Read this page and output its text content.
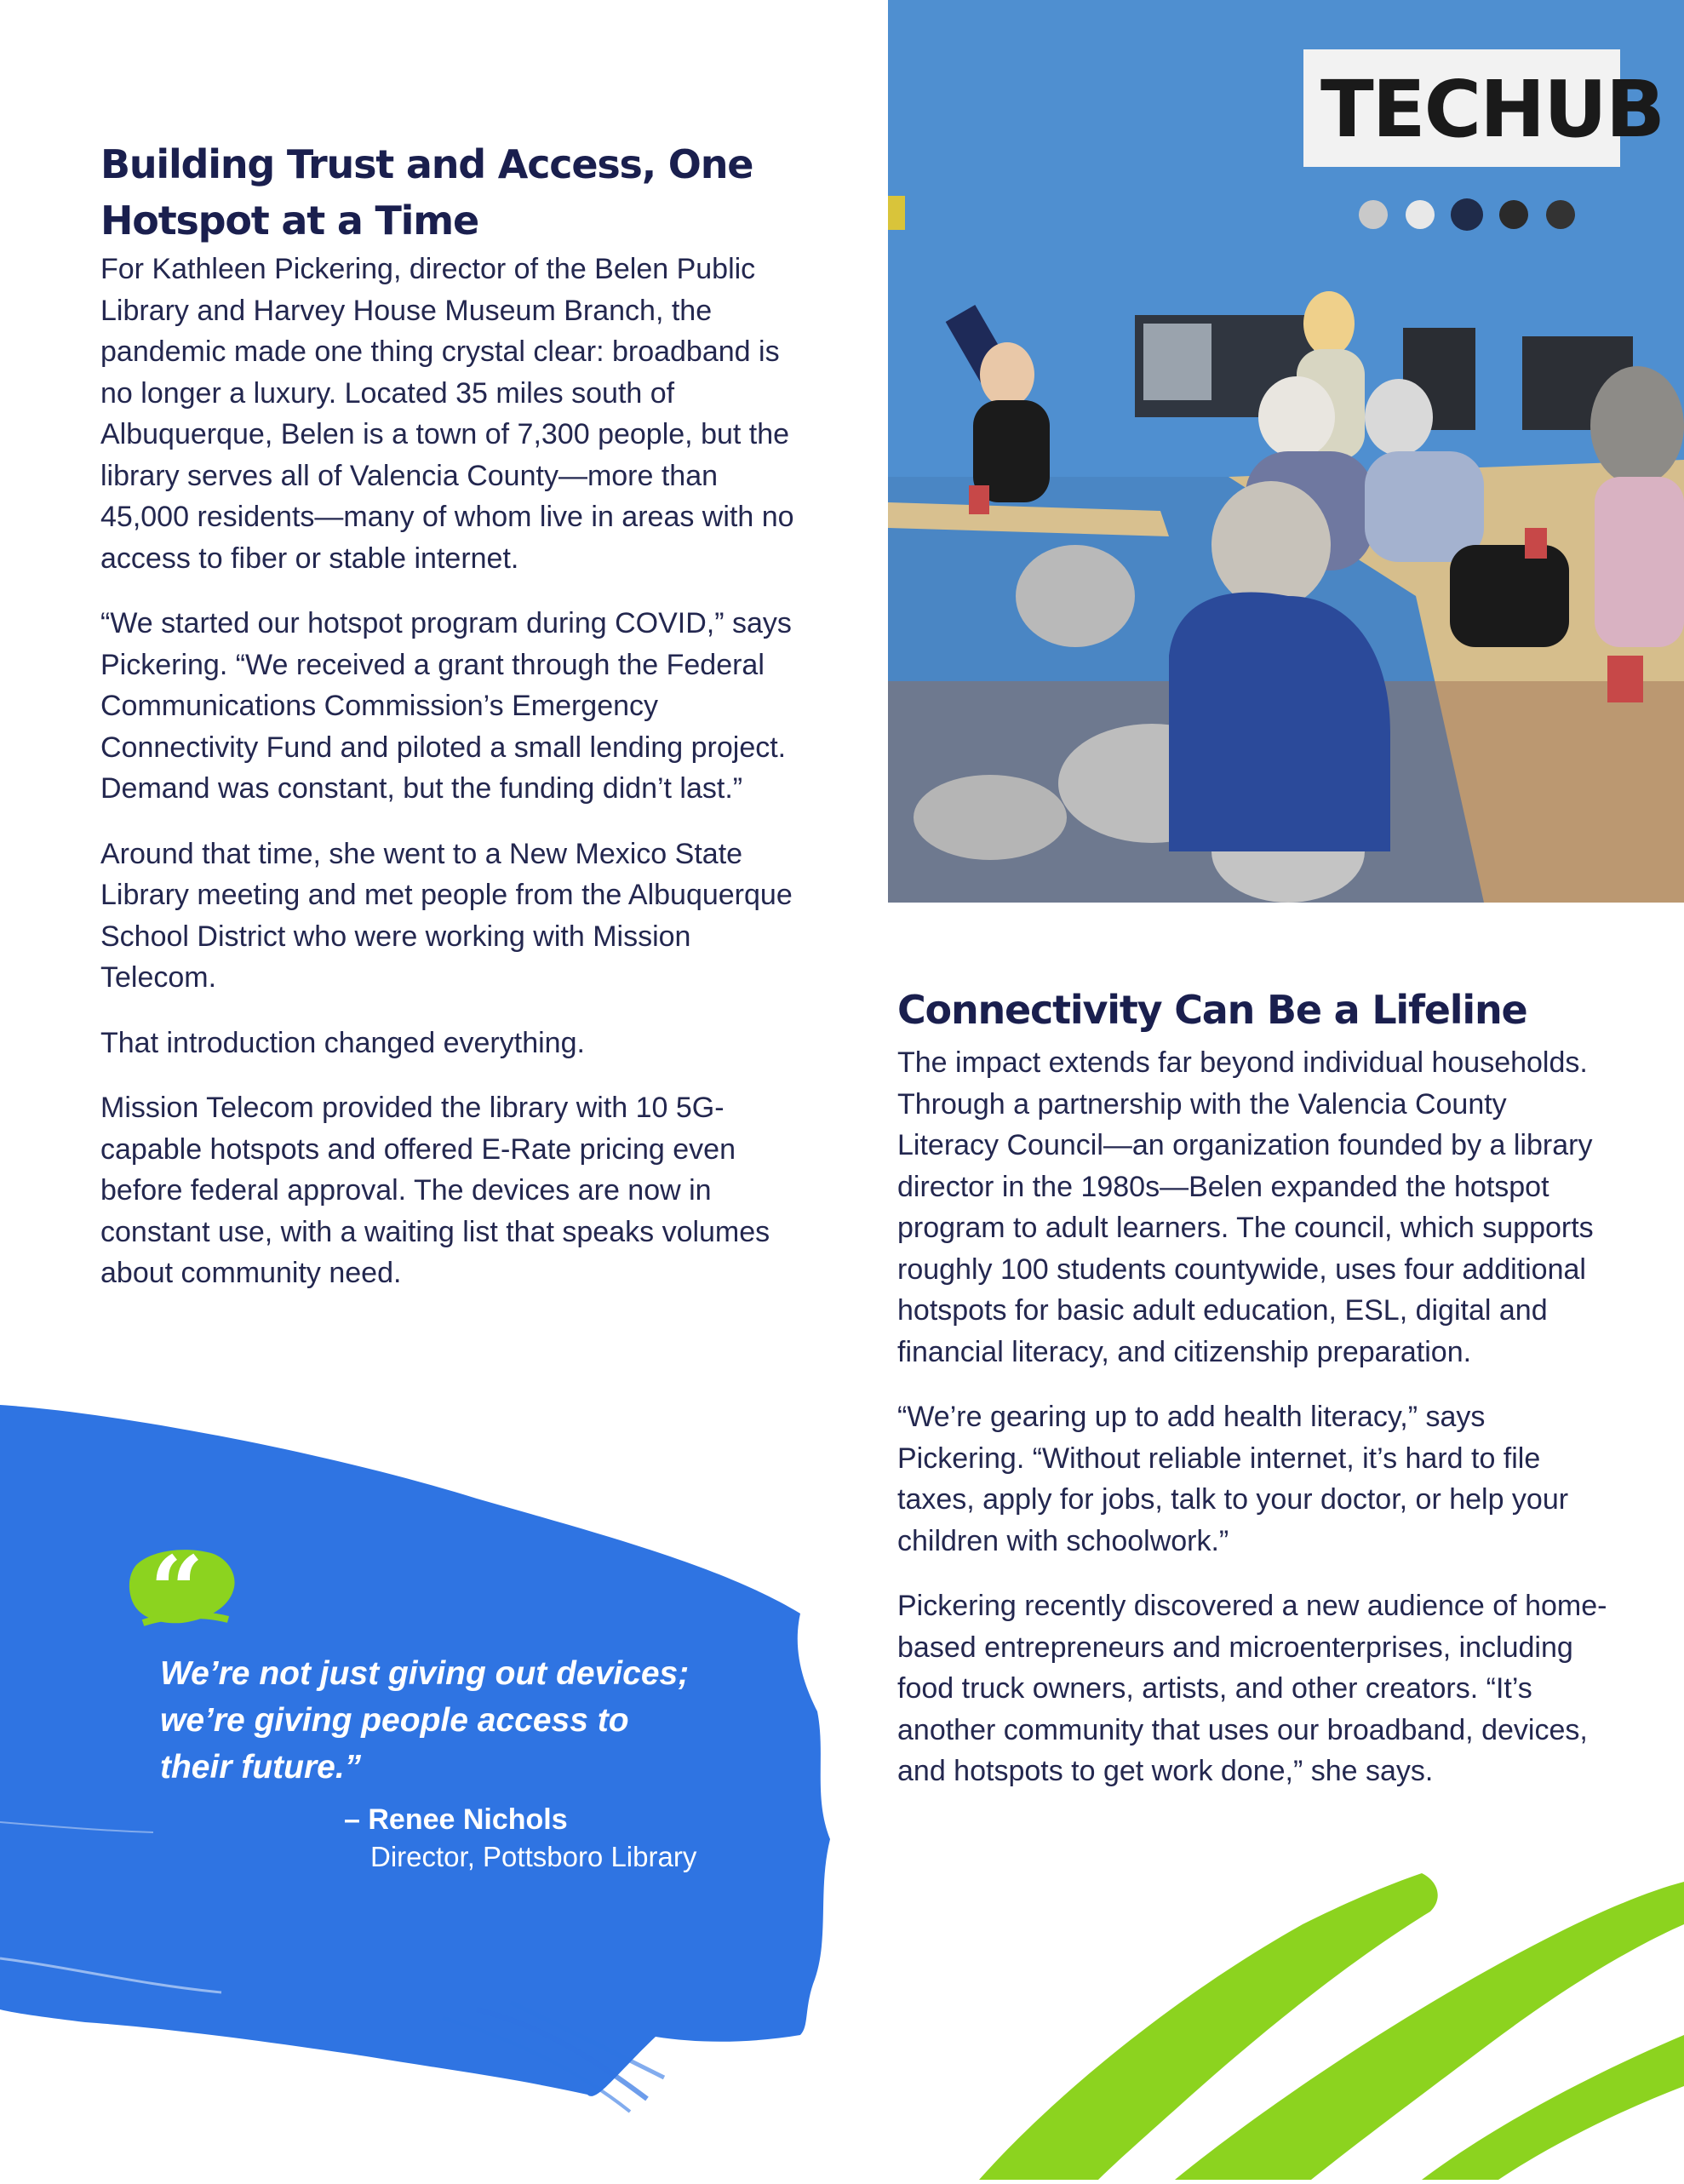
Building Trust and Access, One
Hotspot at a Time

For Kathleen Pickering, director of the Belen Public Library and Harvey House Museum Branch, the pandemic made one thing crystal clear: broadband is no longer a luxury. Located 35 miles south of Albuquerque, Belen is a town of 7,300 people, but the library serves all of Valencia County—more than 45,000 residents—many of whom live in areas with no access to fiber or stable internet.

“We started our hotspot program during COVID,” says Pickering. “We received a grant through the Federal Communications Commission’s Emergency Connectivity Fund and piloted a small lending project. Demand was constant, but the funding didn’t last.”

Around that time, she went to a New Mexico State Library meeting and met people from the Albuquerque School District who were working with Mission Telecom.

That introduction changed everything.

Mission Telecom provided the library with 10 5G-capable hotspots and offered E-Rate pricing even before federal approval. The devices are now in constant use, with a waiting list that speaks volumes about community need.

TECHUB
Connectivity Can Be a Lifeline

The impact extends far beyond individual households. Through a partnership with the Valencia County Literacy Council—an organization founded by a library director in the 1980s—Belen expanded the hotspot program to adult learners. The council, which supports roughly 100 students countywide, uses four additional hotspots for basic adult education, ESL, digital and financial literacy, and citizenship preparation.

“We’re gearing up to add health literacy,” says Pickering. “Without reliable internet, it’s hard to file taxes, apply for jobs, talk to your doctor, or help your children with schoolwork.”

Pickering recently discovered a new audience of home-based entrepreneurs and microenterprises, including food truck owners, artists, and other creators. “It’s another community that uses our broadband, devices, and hotspots to get work done,” she says.

“
We’re not just giving out devices;
we’re giving people access to
their future.”
– Renee Nichols
Director, Pottsboro Library
